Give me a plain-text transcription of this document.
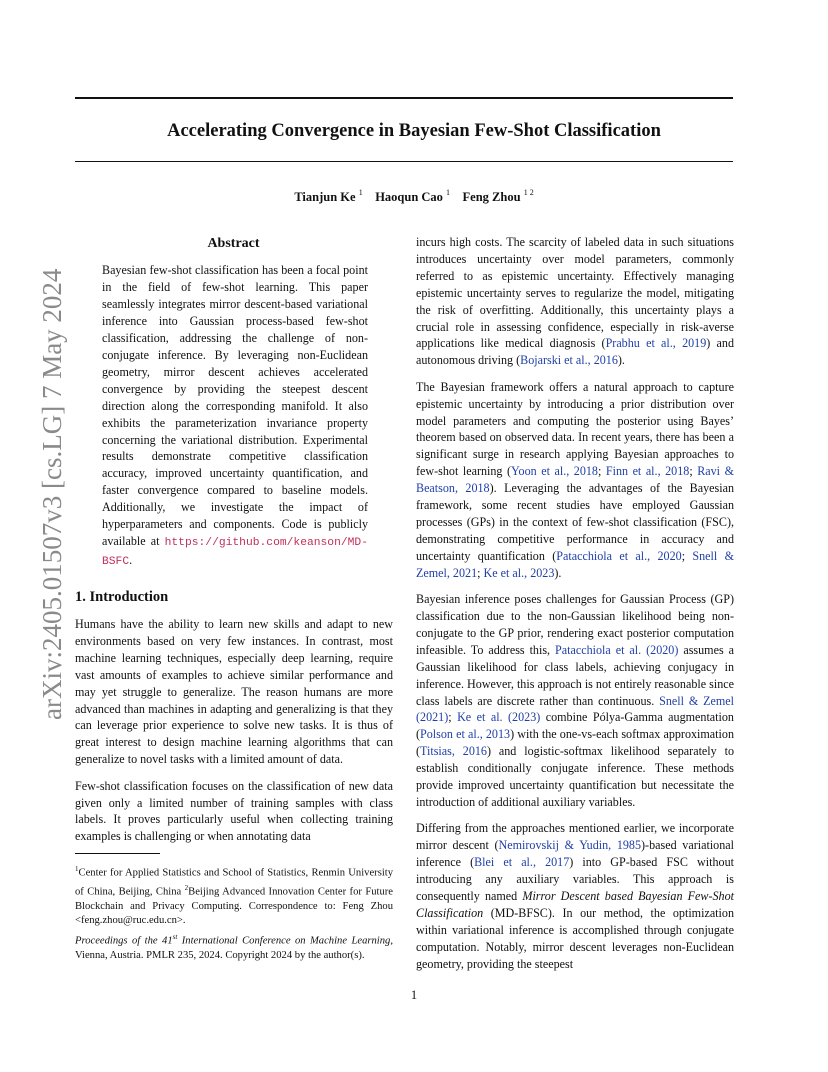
arXiv:2405.01507v3 [cs.LG] 7 May 2024
Accelerating Convergence in Bayesian Few-Shot Classification
Tianjun Ke $^1$ Haoqun Cao $^1$ Feng Zhou $^{1 2}$
Abstract
Bayesian few-shot classification has been a focal point in the field of few-shot learning. This paper seamlessly integrates mirror descent-based variational inference into Gaussian process-based few-shot classification, addressing the challenge of non-conjugate inference. By leveraging non-Euclidean geometry, mirror descent achieves accelerated convergence by providing the steepest descent direction along the corresponding manifold. It also exhibits the parameterization invariance property concerning the variational distribution. Experimental results demonstrate competitive classification accuracy, improved uncertainty quantification, and faster convergence compared to baseline models. Additionally, we investigate the impact of hyperparameters and components. Code is publicly available at https://github.com/keanson/MD-BSFC.
1. Introduction

Humans have the ability to learn new skills and adapt to new environments based on very few instances. In contrast, most machine learning techniques, especially deep learning, require vast amounts of examples to achieve similar performance and may yet struggle to generalize. The reason humans are more advanced than machines in adapting and generalizing is that they can leverage prior experience to solve new tasks. It is thus of great interest to design machine learning algorithms that can generalize to novel tasks with a limited amount of data.

Few-shot classification focuses on the classification of new data given only a limited number of training samples with class labels. It proves particularly useful when collecting training examples is challenging or when annotating data

$^1$Center for Applied Statistics and School of Statistics, Renmin University of China, Beijing, China $^2$Beijing Advanced Innovation Center for Future Blockchain and Privacy Computing. Correspondence to: Feng Zhou <feng.zhou@ruc.edu.cn>.
Proceedings of the 41st International Conference on Machine Learning, Vienna, Austria. PMLR 235, 2024. Copyright 2024 by the author(s).

incurs high costs. The scarcity of labeled data in such situations introduces uncertainty over model parameters, commonly referred to as epistemic uncertainty. Effectively managing epistemic uncertainty serves to regularize the model, mitigating the risk of overfitting. Additionally, this uncertainty plays a crucial role in assessing confidence, especially in risk-averse applications like medical diagnosis (Prabhu et al., 2019) and autonomous driving (Bojarski et al., 2016).

The Bayesian framework offers a natural approach to capture epistemic uncertainty by introducing a prior distribution over model parameters and computing the posterior using Bayes’ theorem based on observed data. In recent years, there has been a significant surge in research applying Bayesian approaches to few-shot learning (Yoon et al., 2018; Finn et al., 2018; Ravi & Beatson, 2018). Leveraging the advantages of the Bayesian framework, some recent studies have employed Gaussian processes (GPs) in the context of few-shot classification (FSC), demonstrating competitive performance in accuracy and uncertainty quantification (Patacchiola et al., 2020; Snell & Zemel, 2021; Ke et al., 2023).

Bayesian inference poses challenges for Gaussian Process (GP) classification due to the non-Gaussian likelihood being non-conjugate to the GP prior, rendering exact posterior computation infeasible. To address this, Patacchiola et al. (2020) assumes a Gaussian likelihood for class labels, achieving conjugacy in inference. However, this approach is not entirely reasonable since class labels are discrete rather than continuous. Snell & Zemel (2021); Ke et al. (2023) combine Pólya-Gamma augmentation (Polson et al., 2013) with the one-vs-each softmax approximation (Titsias, 2016) and logistic-softmax likelihood separately to establish conditionally conjugate inference. These methods provide improved uncertainty quantification but necessitate the introduction of additional auxiliary variables.

Differing from the approaches mentioned earlier, we incorporate mirror descent (Nemirovskij & Yudin, 1985)-based variational inference (Blei et al., 2017) into GP-based FSC without introducing any auxiliary variables. This approach is consequently named Mirror Descent based Bayesian Few-Shot Classification (MD-BFSC). In our method, the optimization within variational inference is accomplished through conjugate computation. Notably, mirror descent leverages non-Euclidean geometry, providing the steepest

1
